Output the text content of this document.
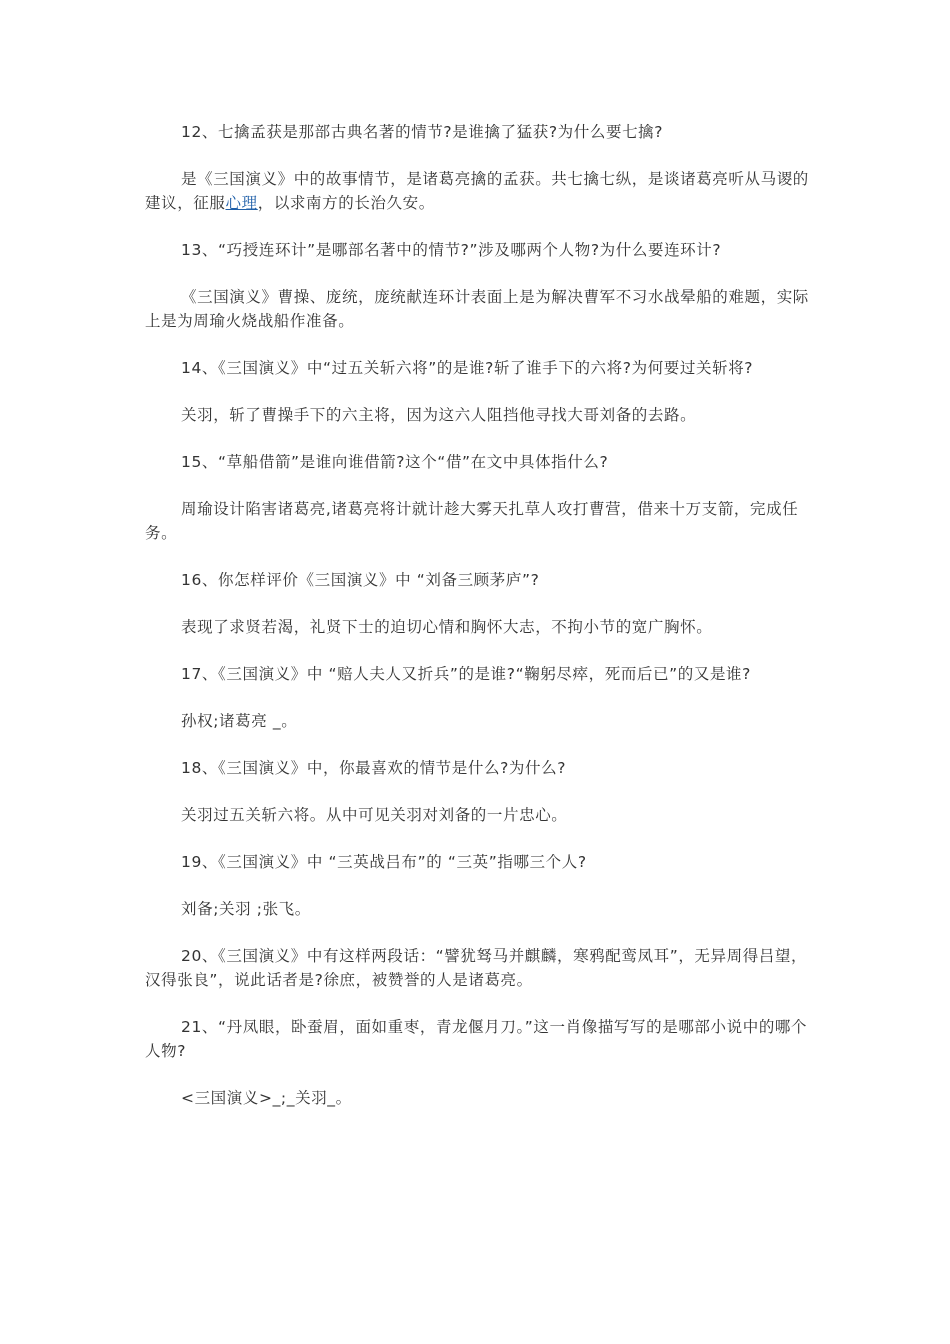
12、七擒孟获是那部古典名著的情节?是谁擒了猛获?为什么要七擒?

是《三国演义》中的故事情节，是诸葛亮擒的孟获。共七擒七纵，是谈诸葛亮听从马谡的建议，征服心理，以求南方的长治久安。

13、“巧授连环计”是哪部名著中的情节?”涉及哪两个人物?为什么要连环计?

《三国演义》曹操、庞统，庞统献连环计表面上是为解决曹军不习水战晕船的难题，实际上是为周瑜火烧战船作准备。

14、《三国演义》中“过五关斩六将”的是谁?斩了谁手下的六将?为何要过关斩将?

关羽，斩了曹操手下的六主将，因为这六人阻挡他寻找大哥刘备的去路。

15、“草船借箭”是谁向谁借箭?这个“借”在文中具体指什么?

周瑜设计陷害诸葛亮,诸葛亮将计就计趁大雾天扎草人攻打曹营，借来十万支箭，完成任务。

16、你怎样评价《三国演义》中 “刘备三顾茅庐”?

表现了求贤若渴，礼贤下士的迫切心情和胸怀大志，不拘小节的宽广胸怀。

17、《三国演义》中 “赔人夫人又折兵”的是谁?“鞠躬尽瘁，死而后已”的又是谁?

孙权;诸葛亮 _。

18、《三国演义》中，你最喜欢的情节是什么?为什么?

关羽过五关斩六将。从中可见关羽对刘备的一片忠心。

19、《三国演义》中 “三英战吕布”的 “三英”指哪三个人?

刘备;关羽 ;张飞。

20、《三国演义》中有这样两段话：“譬犹驽马并麒麟，寒鸦配鸾凤耳”，无异周得吕望，汉得张良”，说此话者是?徐庶，被赞誉的人是诸葛亮。

21、“丹凤眼，卧蚕眉，面如重枣，青龙偃月刀。”这一肖像描写写的是哪部小说中的哪个人物?

<三国演义>_;_关羽_。
